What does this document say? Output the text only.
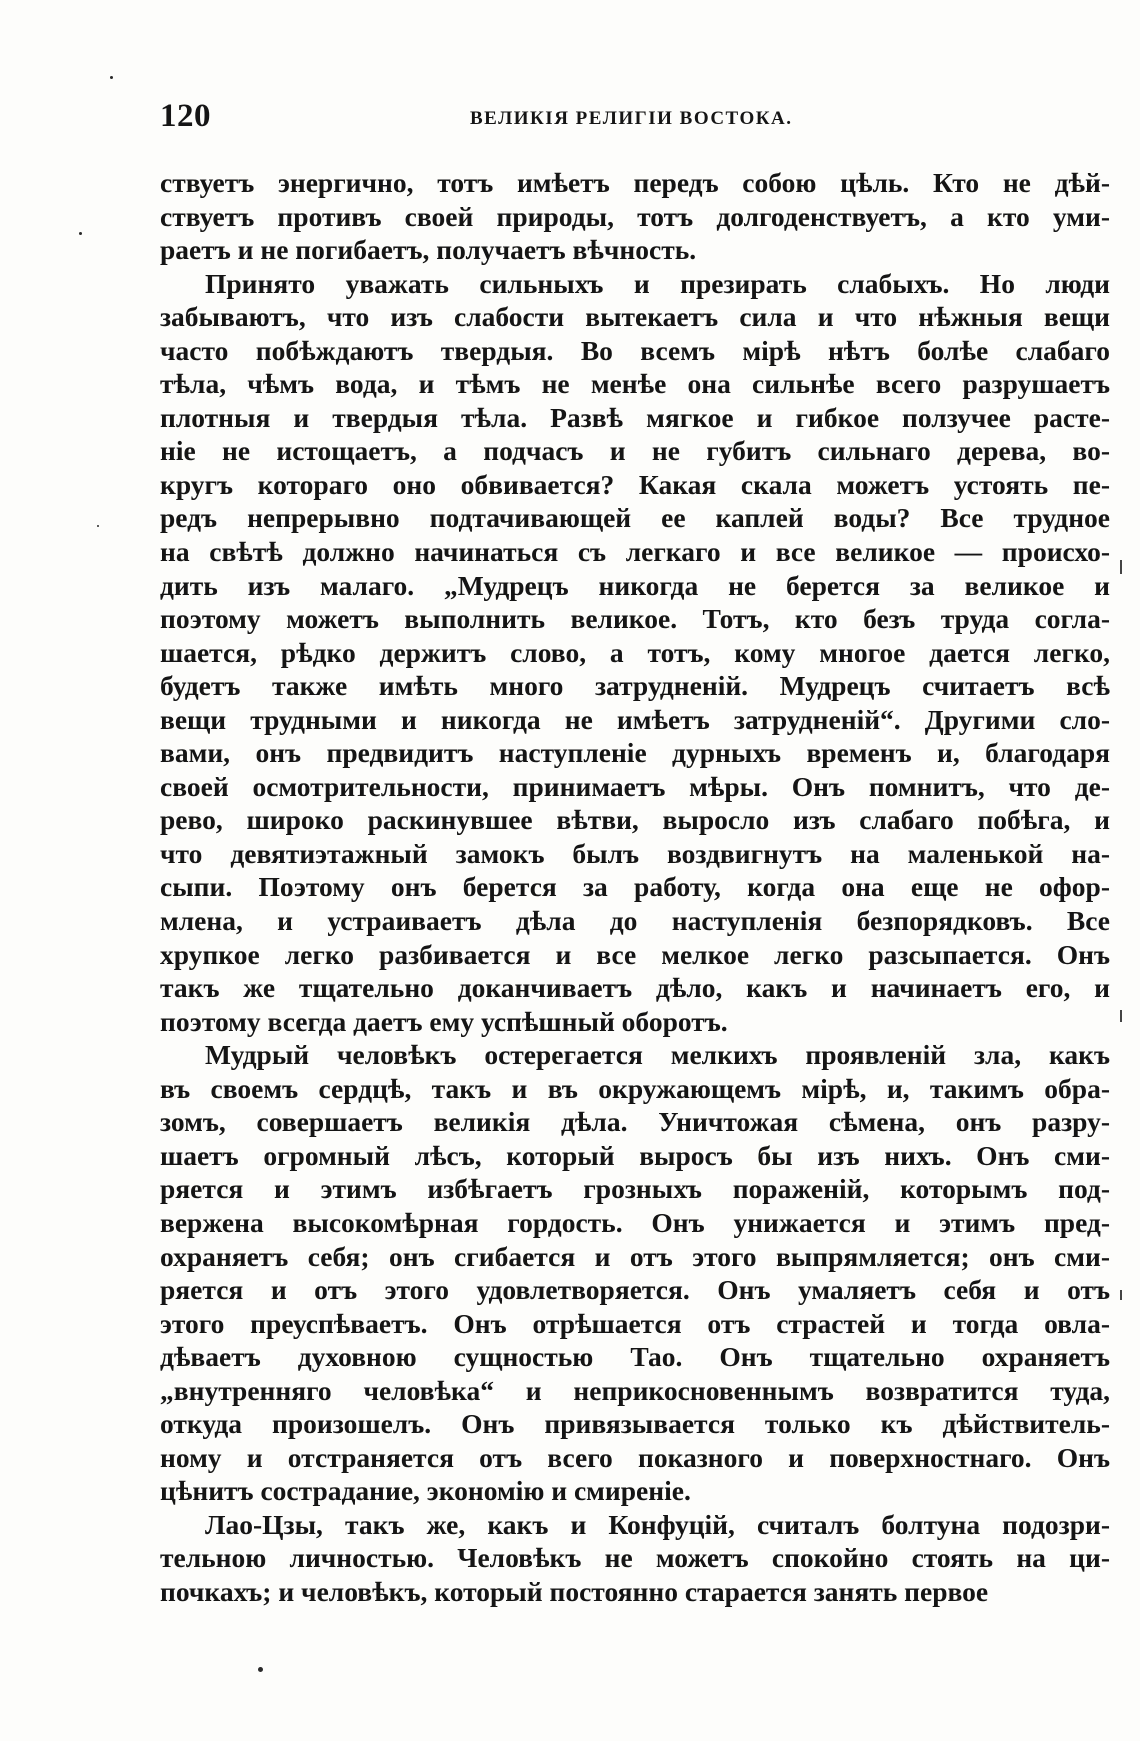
120	ВЕЛИКІЯ РЕЛИГІИ ВОСТОКА.
ствуетъ энергично, тотъ имѣетъ передъ собою цѣль. Кто не дѣй-
ствуетъ противъ своей природы, тотъ долгоденствуетъ, а кто уми-
раетъ и не погибаетъ, получаетъ вѣчность.
Принято уважать сильныхъ и презирать слабыхъ. Но люди
забываютъ, что изъ слабости вытекаетъ сила и что нѣжныя вещи
часто побѣждаютъ твердыя. Во всемъ мірѣ нѣтъ болѣе слабаго
тѣла, чѣмъ вода, и тѣмъ не менѣе она сильнѣе всего разрушаетъ
плотныя и твердыя тѣла. Развѣ мягкое и гибкое ползучее расте-
ніе не истощаетъ, а подчасъ и не губитъ сильнаго дерева, во-
кругъ котораго оно обвивается? Какая скала можетъ устоять пе-
редъ непрерывно подтачивающей ее каплей воды? Все трудное
на свѣтѣ должно начинаться съ легкаго и все великое — происхо-
дить изъ малаго. „Мудрецъ никогда не берется за великое и
поэтому можетъ выполнить великое. Тотъ, кто безъ труда согла-
шается, рѣдко держитъ слово, а тотъ, кому многое дается легко,
будетъ также имѣть много затрудненій. Мудрецъ считаетъ всѣ
вещи трудными и никогда не имѣетъ затрудненій“. Другими сло-
вами, онъ предвидитъ наступленіе дурныхъ временъ и, благодаря
своей осмотрительности, принимаетъ мѣры. Онъ помнитъ, что де-
рево, широко раскинувшее вѣтви, выросло изъ слабаго побѣга, и
что девятиэтажный замокъ былъ воздвигнутъ на маленькой на-
сыпи. Поэтому онъ берется за работу, когда она еще не офор-
млена, и устраиваетъ дѣла до наступленія безпорядковъ. Все
хрупкое легко разбивается и все мелкое легко разсыпается. Онъ
такъ же тщательно доканчиваетъ дѣло, какъ и начинаетъ его, и
поэтому всегда даетъ ему успѣшный оборотъ.
Мудрый человѣкъ остерегается мелкихъ проявленій зла, какъ
въ своемъ сердцѣ, такъ и въ окружающемъ мірѣ, и, такимъ обра-
зомъ, совершаетъ великія дѣла. Уничтожая сѣмена, онъ разру-
шаетъ огромный лѣсъ, который выросъ бы изъ нихъ. Онъ сми-
ряется и этимъ избѣгаетъ грозныхъ пораженій, которымъ под-
вержена высокомѣрная гордость. Онъ унижается и этимъ пред-
охраняетъ себя; онъ сгибается и отъ этого выпрямляется; онъ сми-
ряется и отъ этого удовлетворяется. Онъ умаляетъ себя и отъ
этого преуспѣваетъ. Онъ отрѣшается отъ страстей и тогда овла-
дѣваетъ духовною сущностью Тао. Онъ тщательно охраняетъ
„внутренняго человѣка“ и неприкосновеннымъ возвратится туда,
откуда произошелъ. Онъ привязывается только къ дѣйствитель-
ному и отстраняется отъ всего показного и поверхностнаго. Онъ
цѣнитъ сострадание, экономію и смиреніе.
Лао-Цзы, такъ же, какъ и Конфуцій, считалъ болтуна подозри-
тельною личностью. Человѣкъ не можетъ спокойно стоять на ци-
почкахъ; и человѣкъ, который постоянно старается занять первое
